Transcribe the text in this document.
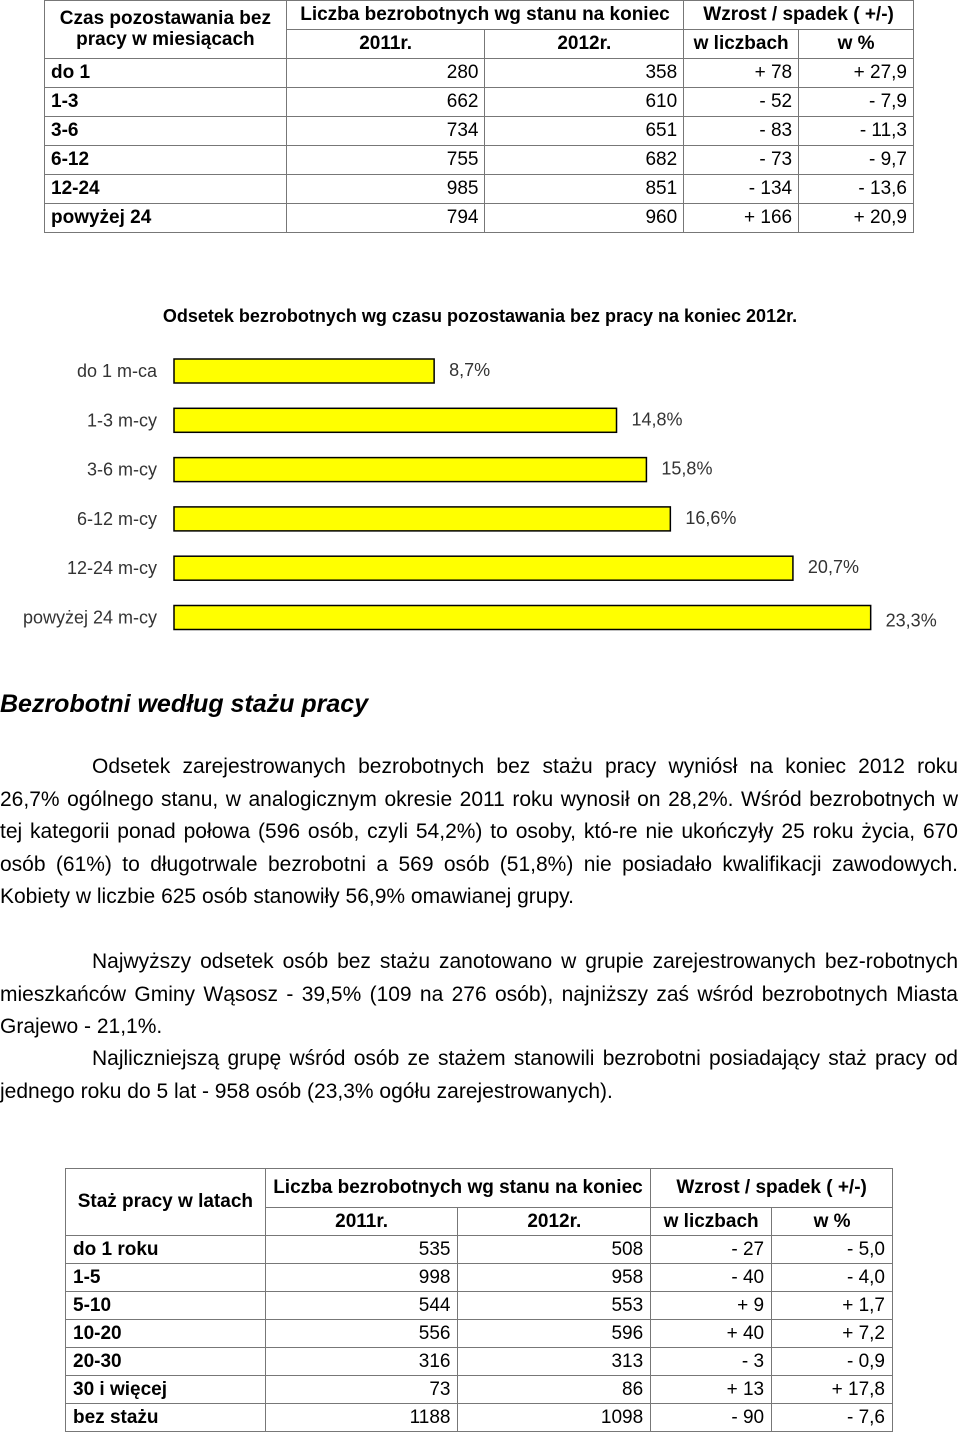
Czas pozostawania bez pracy w miesiącach	Liczba bezrobotnych wg stanu na koniec		Wzrost / spadek ( +/-)	
	2011r.	2012r.	w liczbach	w %
do 1	280	358	+ 78	+ 27,9
1-3	662	610	- 52	- 7,9
3-6	734	651	- 83	- 11,3
6-12	755	682	- 73	- 9,7
12-24	985	851	- 134	- 13,6
powyżej 24	794	960	+ 166	+ 20,9
Odsetek bezrobotnych wg czasu pozostawania bez pracy na koniec 2012r.
do 1 m-ca	8,7%
1-3 m-cy	14,8%
3-6 m-cy	15,8%
6-12 m-cy	16,6%
12-24 m-cy	20,7%
powyżej 24 m-cy	23,3%
Bezrobotni według stażu pracy
Odsetek zarejestrowanych bezrobotnych bez stażu pracy wyniósł na koniec 2012 roku 26,7% ogólnego stanu, w analogicznym okresie 2011 roku wynosił on 28,2%. Wśród bezrobotnych w tej kategorii ponad połowa (596 osób, czyli 54,2%) to osoby, któ-re nie ukończyły 25 roku życia, 670 osób (61%) to długotrwale bezrobotni a 569 osób (51,8%) nie posiadało kwalifikacji zawodowych. Kobiety w liczbie 625 osób stanowiły 56,9% omawianej grupy.
Najwyższy odsetek osób bez stażu zanotowano w grupie zarejestrowanych bez-robotnych mieszkańców Gminy Wąsosz - 39,5% (109 na 276 osób), najniższy zaś wśród bezrobotnych Miasta Grajewo - 21,1%.
Najliczniejszą grupę wśród osób ze stażem stanowili bezrobotni posiadający staż pracy od jednego roku do 5 lat - 958 osób (23,3% ogółu zarejestrowanych).
Staż pracy w latach	Liczba bezrobotnych wg stanu na koniec		Wzrost / spadek ( +/-)	
	2011r.	2012r.	w liczbach	w %
do 1 roku	535	508	- 27	- 5,0
1-5	998	958	- 40	- 4,0
5-10	544	553	+ 9	+ 1,7
10-20	556	596	+ 40	+ 7,2
20-30	316	313	- 3	- 0,9
30 i więcej	73	86	+ 13	+ 17,8
bez stażu	1188	1098	- 90	- 7,6
